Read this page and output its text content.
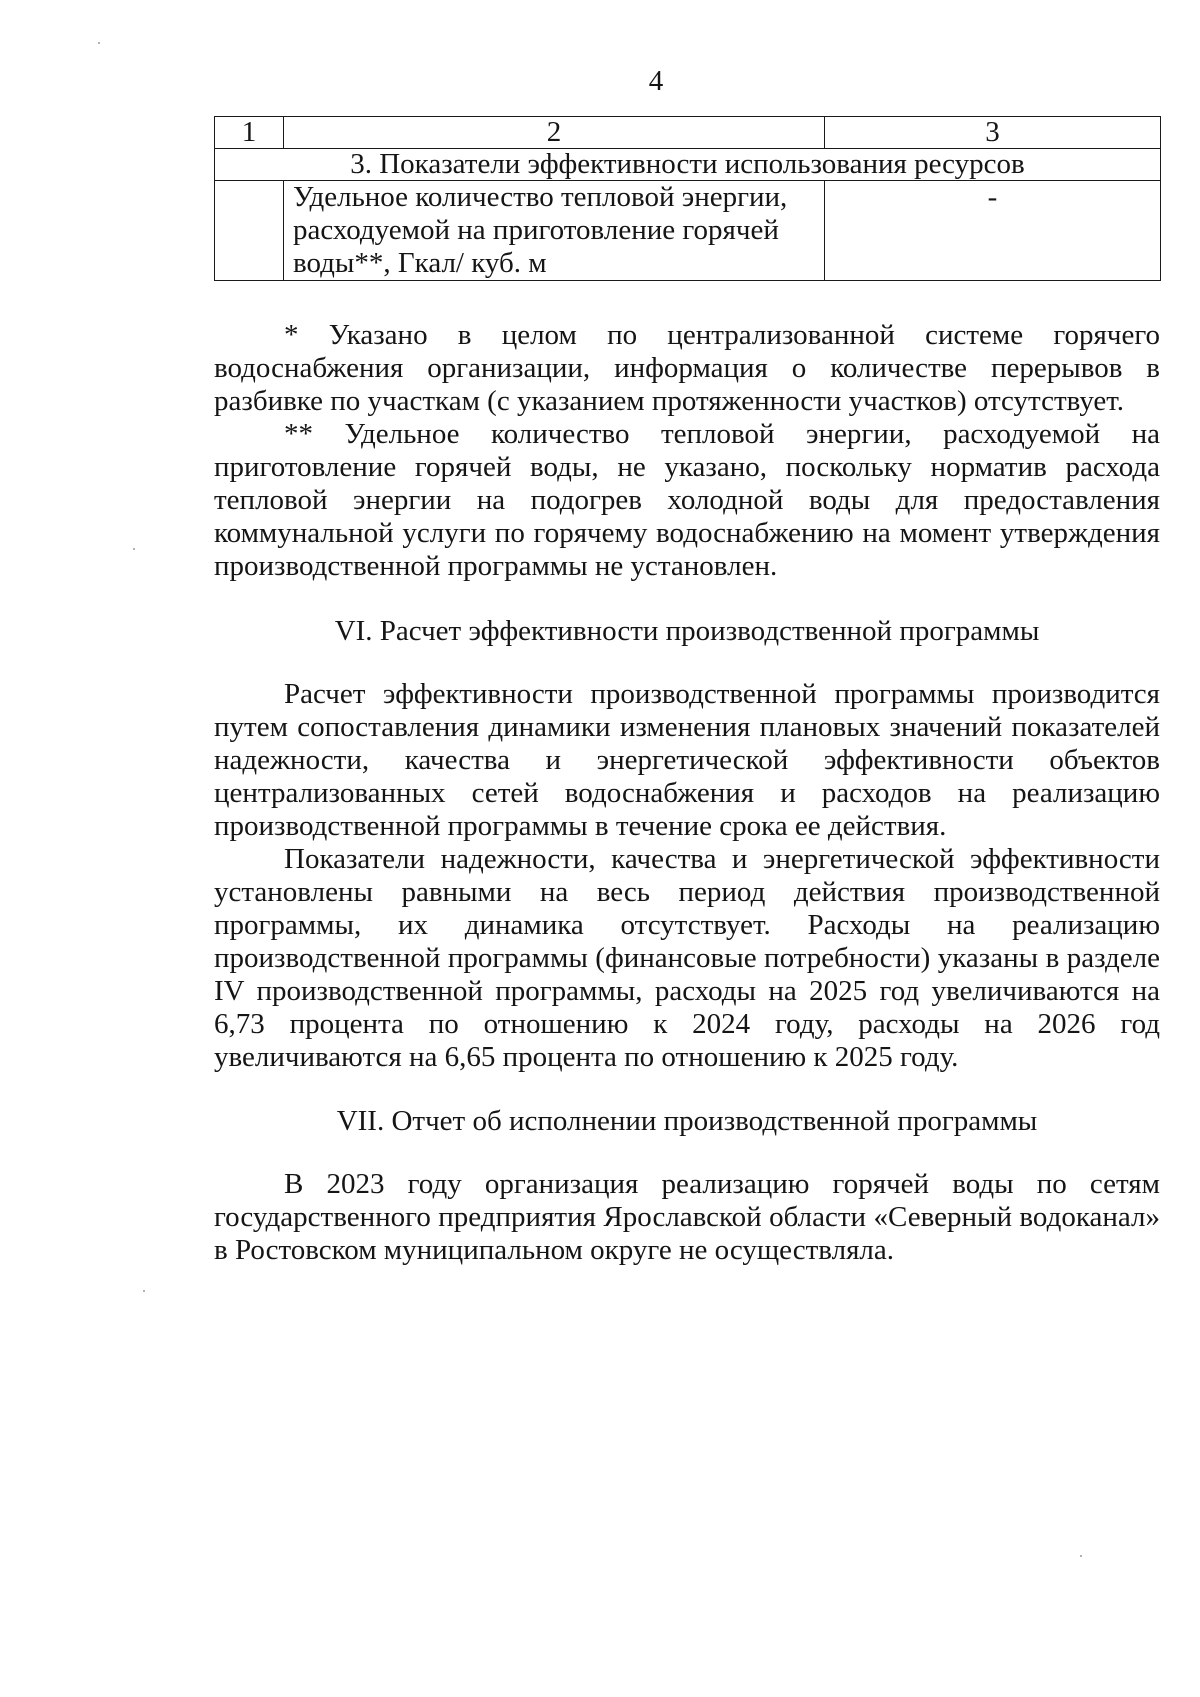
4
1	2	3
3. Показатели эффективности использования ресурсов		
	Удельное количество тепловой энергии, расходуемой на приготовление горячей воды**, Гкал/ куб. м	-

* Указано в целом по централизованной системе горячего водоснабжения организации, информация о количестве перерывов в разбивке по участкам (с указанием протяженности участков) отсутствует.

** Удельное количество тепловой энергии, расходуемой на приготовление горячей воды, не указано, поскольку норматив расхода тепловой энергии на подогрев холодной воды для предоставления коммунальной услуги по горячему водоснабжению на момент утверждения производственной программы не установлен.

VI. Расчет эффективности производственной программы

Расчет эффективности производственной программы производится путем сопоставления динамики изменения плановых значений показателей надежности, качества и энергетической эффективности объектов централизованных сетей водоснабжения и расходов на реализацию производственной программы в течение срока ее действия.

Показатели надежности, качества и энергетической эффективности установлены равными на весь период действия производственной программы, их динамика отсутствует. Расходы на реализацию производственной программы (финансовые потребности) указаны в разделе IV производственной программы, расходы на 2025 год увеличиваются на 6,73 процента по отношению к 2024 году, расходы на 2026 год увеличиваются на 6,65 процента по отношению к 2025 году.

VII. Отчет об исполнении производственной программы

В 2023 году организация реализацию горячей воды по сетям государственного предприятия Ярославской области «Северный водоканал» в Ростовском муниципальном округе не осуществляла.
